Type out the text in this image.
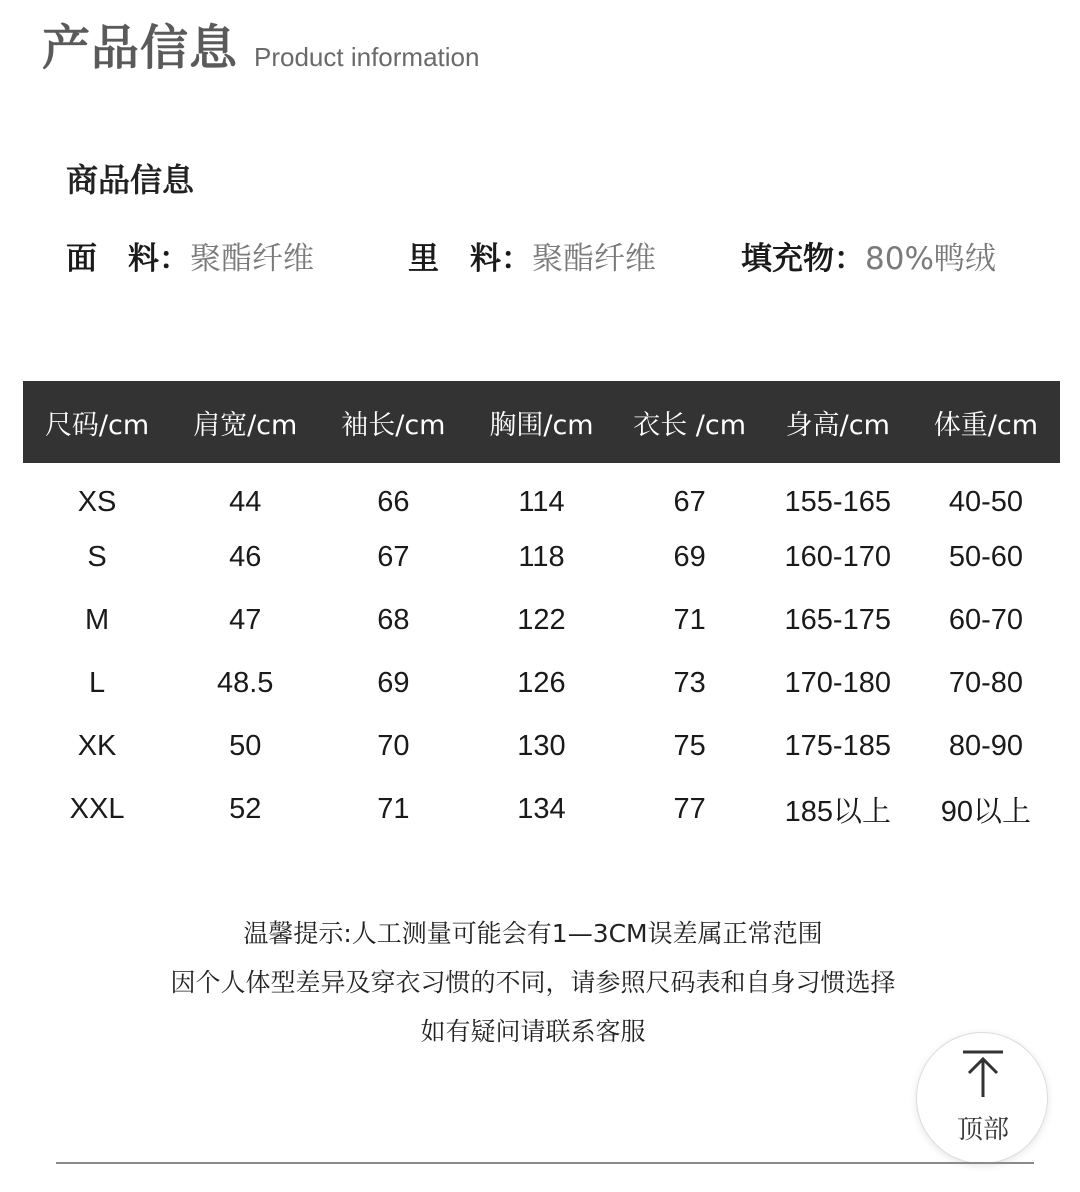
产品信息 Product information
商品信息
面　料：聚酯纤维	里　料：聚酯纤维	填充物：80%鸭绒
尺码/cm	肩宽/cm	袖长/cm	胸围/cm	衣长 /cm	身高/cm	体重/cm
XS	44	66	114	67	155-165	40-50
S	46	67	118	69	160-170	50-60
M	47	68	122	71	165-175	60-70
L	48.5	69	126	73	170-180	70-80
XK	50	70	130	75	175-185	80-90
XXL	52	71	134	77	185以上	90以上
温馨提示:人工测量可能会有1—3CM误差属正常范围
因个人体型差异及穿衣习惯的不同，请参照尺码表和自身习惯选择
如有疑问请联系客服
顶部
